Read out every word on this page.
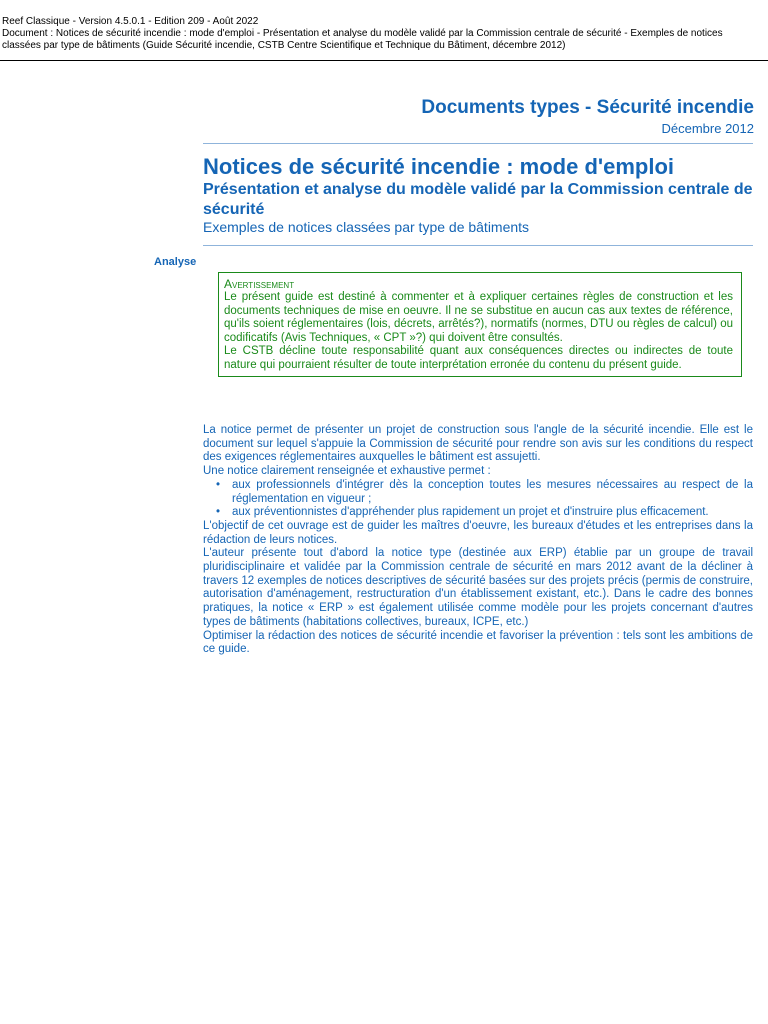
Reef Classique - Version 4.5.0.1 - Edition 209 - Août 2022
Document : Notices de sécurité incendie : mode d'emploi - Présentation et analyse du modèle validé par la Commission centrale de sécurité - Exemples de notices classées par type de bâtiments (Guide Sécurité incendie, CSTB Centre Scientifique et Technique du Bâtiment, décembre 2012)
Documents types - Sécurité incendie
Décembre 2012
Notices de sécurité incendie : mode d'emploi
Présentation et analyse du modèle validé par la Commission centrale de sécurité
Exemples de notices classées par type de bâtiments
Analyse
Avertissement

Le présent guide est destiné à commenter et à expliquer certaines règles de construction et les documents techniques de mise en oeuvre. Il ne se substitue en aucun cas aux textes de référence, qu'ils soient réglementaires (lois, décrets, arrêtés?), normatifs (normes, DTU ou règles de calcul) ou codificatifs (Avis Techniques, « CPT »?) qui doivent être consultés.

Le CSTB décline toute responsabilité quant aux conséquences directes ou indirectes de toute nature qui pourraient résulter de toute interprétation erronée du contenu du présent guide.

La notice permet de présenter un projet de construction sous l'angle de la sécurité incendie. Elle est le document sur lequel s'appuie la Commission de sécurité pour rendre son avis sur les conditions du respect des exigences réglementaires auxquelles le bâtiment est assujetti.

Une notice clairement renseignée et exhaustive permet :

• aux professionnels d'intégrer dès la conception toutes les mesures nécessaires au respect de la réglementation en vigueur ;
• aux préventionnistes d'appréhender plus rapidement un projet et d'instruire plus efficacement.

L'objectif de cet ouvrage est de guider les maîtres d'oeuvre, les bureaux d'études et les entreprises dans la rédaction de leurs notices.

L'auteur présente tout d'abord la notice type (destinée aux ERP) établie par un groupe de travail pluridisciplinaire et validée par la Commission centrale de sécurité en mars 2012 avant de la décliner à travers 12 exemples de notices descriptives de sécurité basées sur des projets précis (permis de construire, autorisation d'aménagement, restructuration d'un établissement existant, etc.). Dans le cadre des bonnes pratiques, la notice « ERP » est également utilisée comme modèle pour les projets concernant d'autres types de bâtiments (habitations collectives, bureaux, ICPE, etc.)

Optimiser la rédaction des notices de sécurité incendie et favoriser la prévention : tels sont les ambitions de ce guide.
